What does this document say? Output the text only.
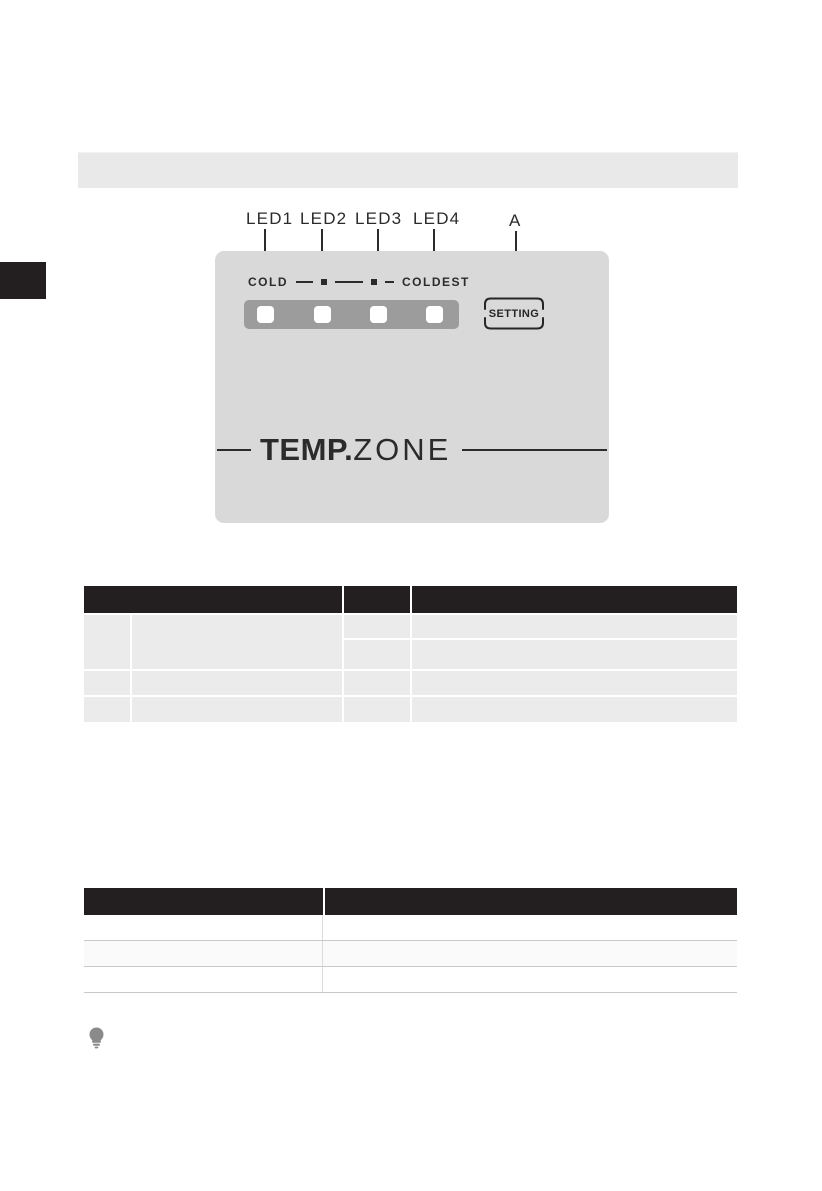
LED1 LED2 LED3 LED4	A
COLD	COLDEST
SETTING
TEMP. ZONE
